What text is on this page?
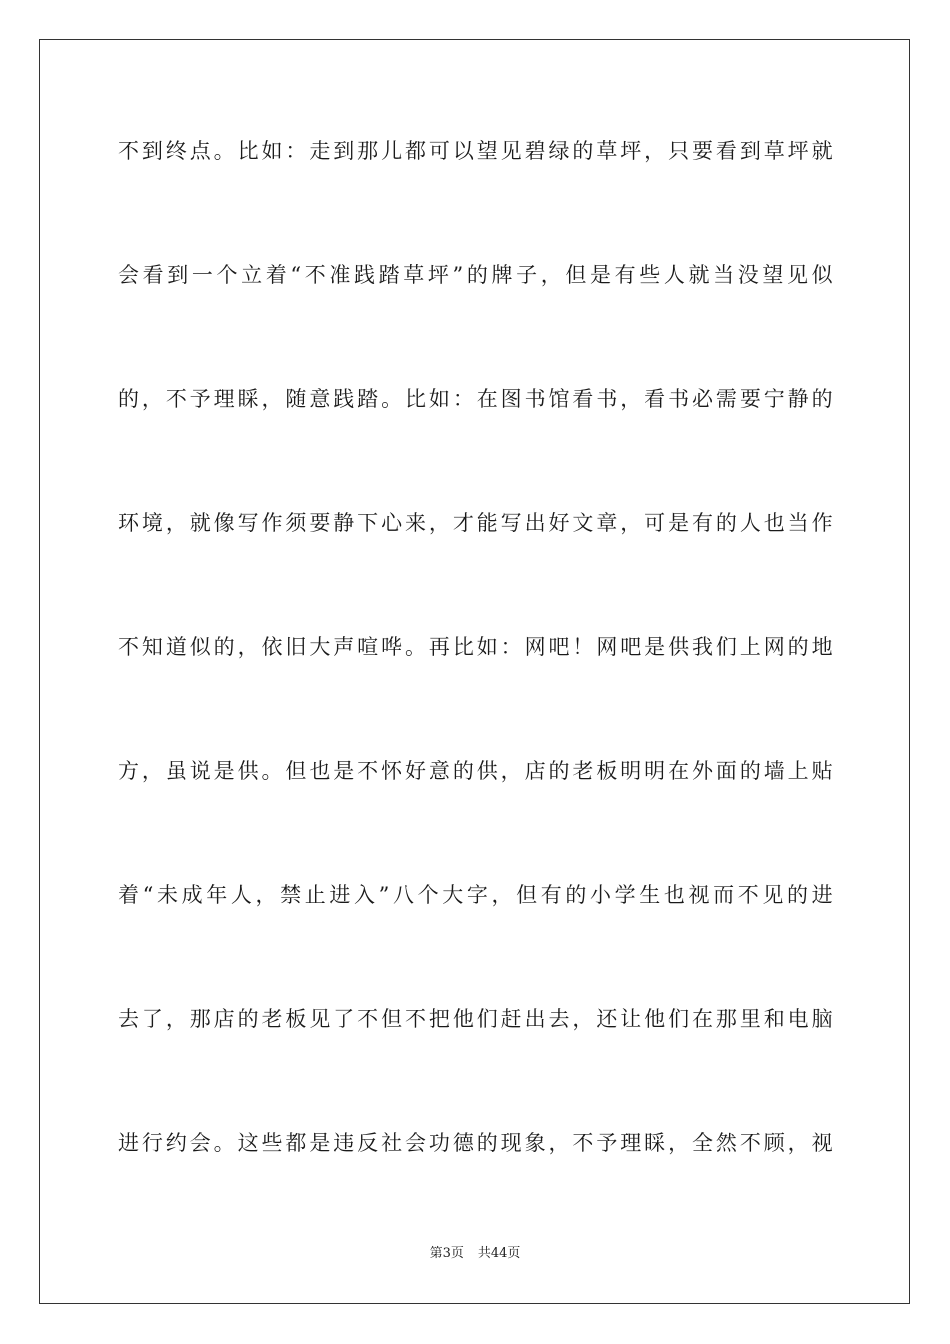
不到终点。比如：走到那儿都可以望见碧绿的草坪，只要看到草坪就
会看到一个立着“不准践踏草坪”的牌子，但是有些人就当没望见似
的，不予理睬，随意践踏。比如：在图书馆看书，看书必需要宁静的
环境，就像写作须要静下心来，才能写出好文章，可是有的人也当作
不知道似的，依旧大声喧哗。再比如：网吧！网吧是供我们上网的地
方，虽说是供。但也是不怀好意的供，店的老板明明在外面的墙上贴
着“未成年人，禁止进入”八个大字，但有的小学生也视而不见的进
去了，那店的老板见了不但不把他们赶出去，还让他们在那里和电脑
进行约会。这些都是违反社会功德的现象，不予理睬，全然不顾，视
第3页 共44页
